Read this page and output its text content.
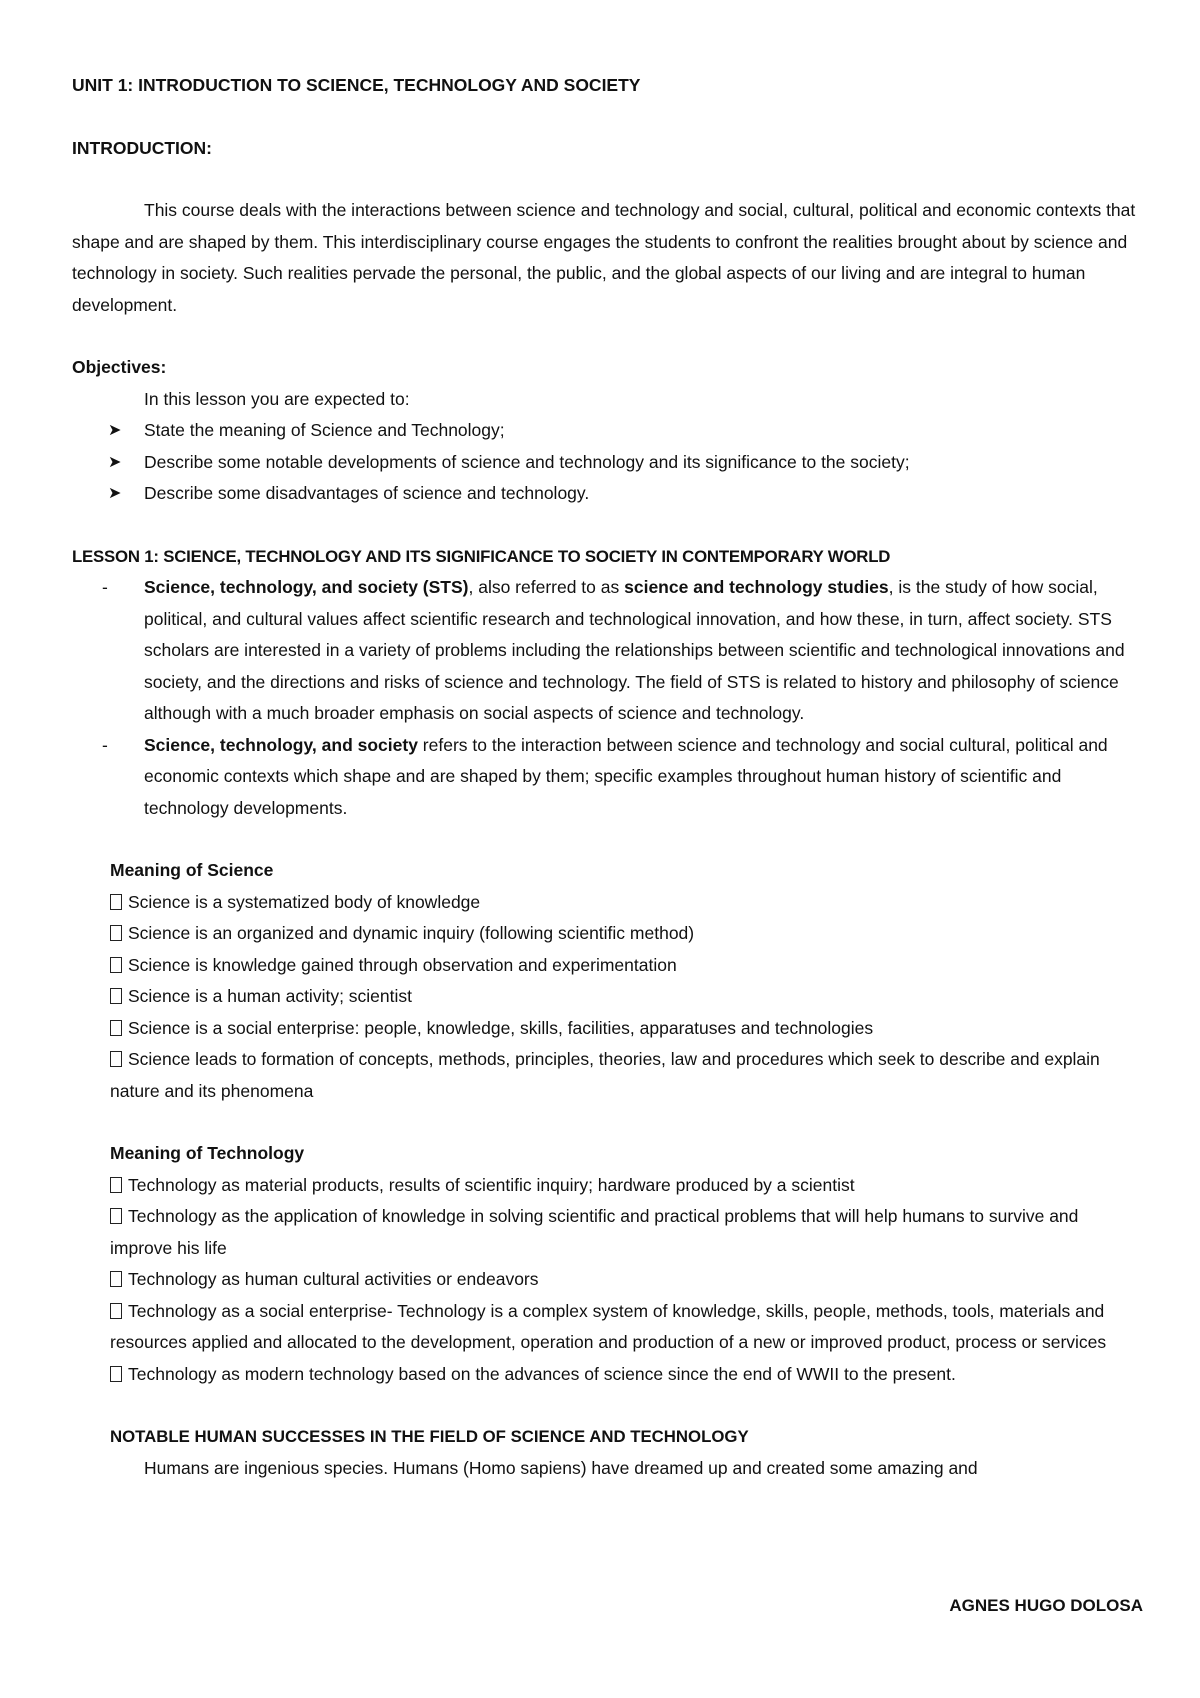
UNIT 1: INTRODUCTION TO SCIENCE, TECHNOLOGY AND SOCIETY

INTRODUCTION:

This course deals with the interactions between science and technology and social, cultural, political and economic contexts that shape and are shaped by them. This interdisciplinary course engages the students to confront the realities brought about by science and technology in society. Such realities pervade the personal, the public, and the global aspects of our living and are integral to human development.

Objectives:

In this lesson you are expected to:

➤ State the meaning of Science and Technology;
➤ Describe some notable developments of science and technology and its significance to the society;
➤ Describe some disadvantages of science and technology.

LESSON 1: SCIENCE, TECHNOLOGY AND ITS SIGNIFICANCE TO SOCIETY IN CONTEMPORARY WORLD

- Science, technology, and society (STS), also referred to as science and technology studies, is the study of how social, political, and cultural values affect scientific research and technological innovation, and how these, in turn, affect society. STS scholars are interested in a variety of problems including the relationships between scientific and technological innovations and society, and the directions and risks of science and technology. The field of STS is related to history and philosophy of science although with a much broader emphasis on social aspects of science and technology.
- Science, technology, and society refers to the interaction between science and technology and social cultural, political and economic contexts which shape and are shaped by them; specific examples throughout human history of scientific and technology developments.

Meaning of Science

Science is a systematized body of knowledge
Science is an organized and dynamic inquiry (following scientific method)
Science is knowledge gained through observation and experimentation
Science is a human activity; scientist
Science is a social enterprise: people, knowledge, skills, facilities, apparatuses and technologies
Science leads to formation of concepts, methods, principles, theories, law and procedures which seek to describe and explain nature and its phenomena

Meaning of Technology

Technology as material products, results of scientific inquiry; hardware produced by a scientist
Technology as the application of knowledge in solving scientific and practical problems that will help humans to survive and improve his life
Technology as human cultural activities or endeavors
Technology as a social enterprise- Technology is a complex system of knowledge, skills, people, methods, tools, materials and resources applied and allocated to the development, operation and production of a new or improved product, process or services
Technology as modern technology based on the advances of science since the end of WWII to the present.

NOTABLE HUMAN SUCCESSES IN THE FIELD OF SCIENCE AND TECHNOLOGY

Humans are ingenious species. Humans (Homo sapiens) have dreamed up and created some amazing and

AGNES HUGO DOLOSA
